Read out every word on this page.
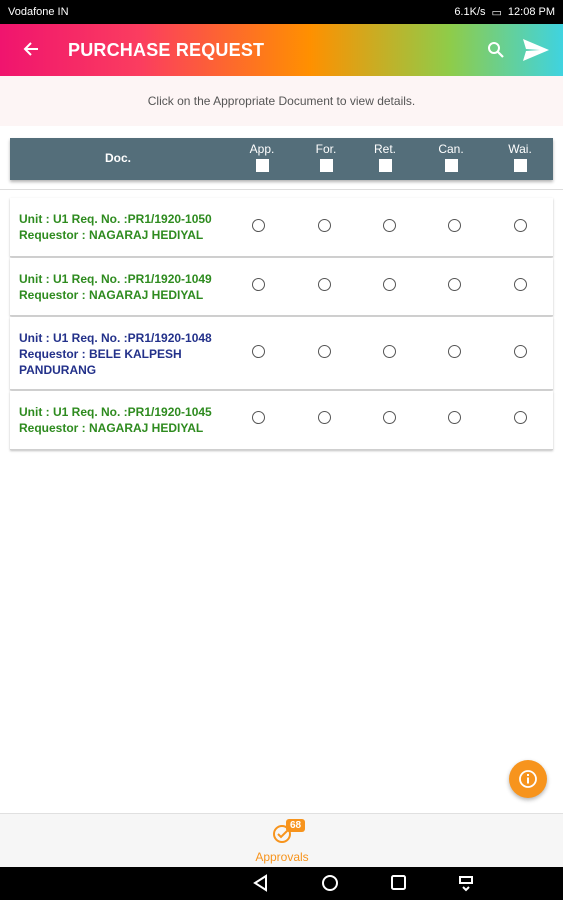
Vodafone IN	6.1K/s ▭ 12:08 PM
PURCHASE REQUEST
Click on the Appropriate Document to view details.
Doc.
App.	For.	Ret.	Can.	Wai.
Unit : U1 Req. No. :PR1/1920-1050
Requestor : NAGARAJ HEDIYAL
Unit : U1 Req. No. :PR1/1920-1049
Requestor : NAGARAJ HEDIYAL
Unit : U1 Req. No. :PR1/1920-1048
Requestor : BELE KALPESH PANDURANG
Unit : U1 Req. No. :PR1/1920-1045
Requestor : NAGARAJ HEDIYAL
68
Approvals
